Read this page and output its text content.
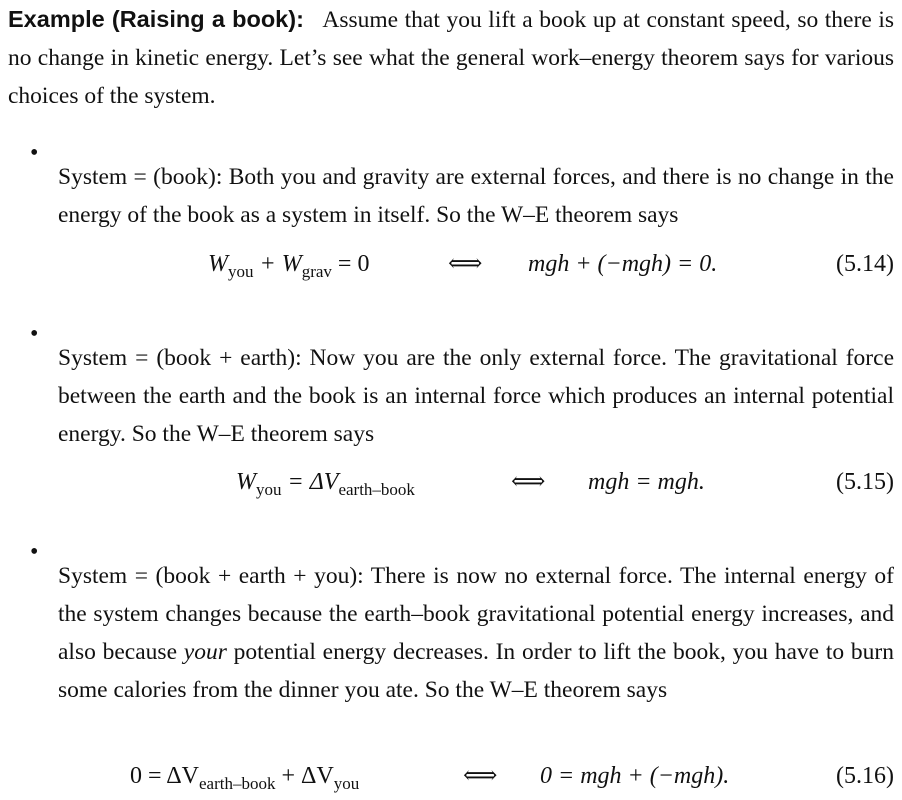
Example (Raising a book): Assume that you lift a book up at constant speed, so there is no change in kinetic energy. Let’s see what the general work–energy theorem says for various choices of the system.

•

System = (book): Both you and gravity are external forces, and there is no change in the energy of the book as a system in itself. So the W–E theorem says

$W_{you} + W_{grav} = 0$	⟺ mgh + (−mgh) = 0.	(5.14)
•

System = (book + earth): Now you are the only external force. The gravitational force between the earth and the book is an internal force which produces an internal potential energy. So the W–E theorem says

$W_{you} = \Delta V_{earth-book}$	⟺ mgh = mgh.	(5.15)
•

System = (book + earth + you): There is now no external force. The internal energy of the system changes because the earth–book gravitational potential energy increases, and also because your potential energy decreases. In order to lift the book, you have to burn some calories from the dinner you ate. So the W–E theorem says

$0 = \Delta V_{earth-book} + \Delta V_{you}$	⟺ 0 = mgh + (−mgh).	(5.16)
